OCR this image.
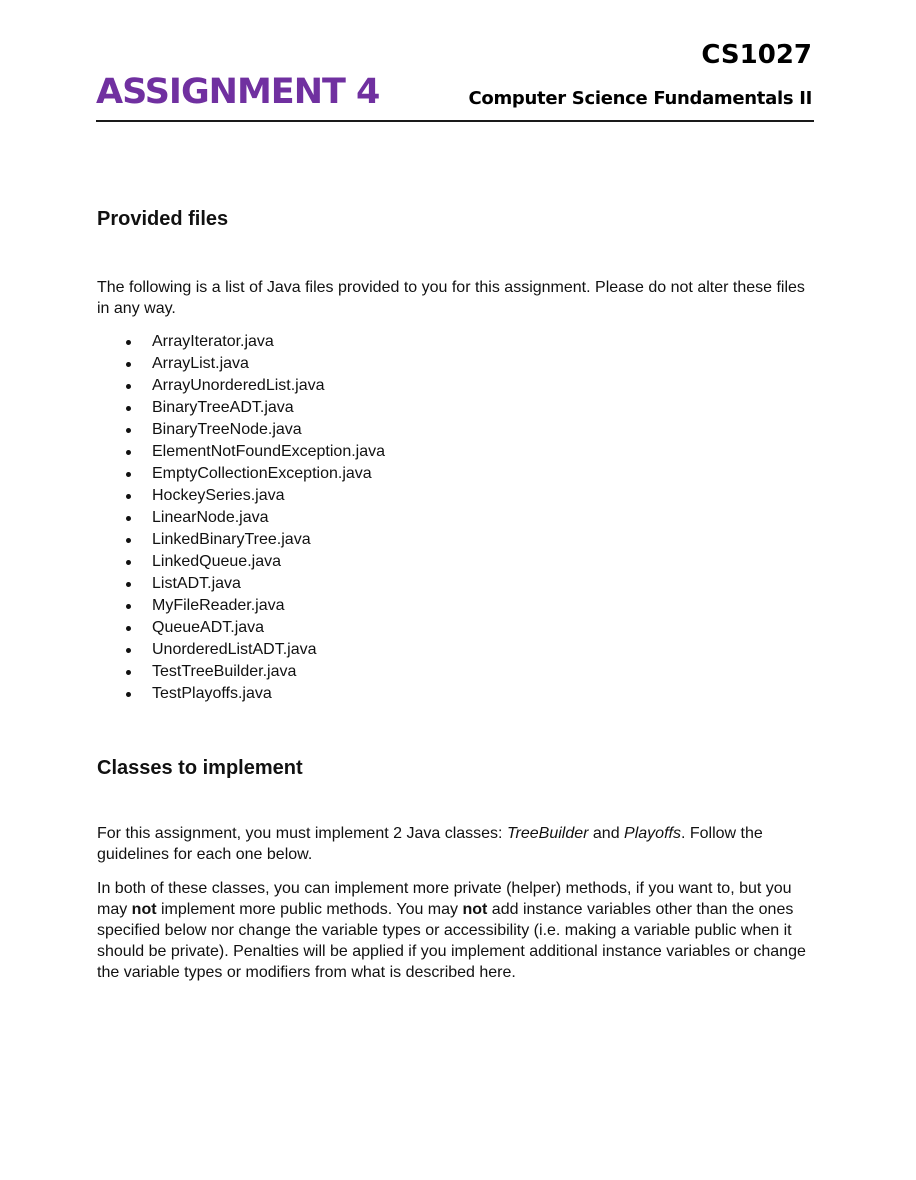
ASSIGNMENT 4
CS1027
Computer Science Fundamentals II
Provided files

The following is a list of Java files provided to you for this assignment. Please do not alter these files in any way.

ArrayIterator.java
ArrayList.java
ArrayUnorderedList.java
BinaryTreeADT.java
BinaryTreeNode.java
ElementNotFoundException.java
EmptyCollectionException.java
HockeySeries.java
LinearNode.java
LinkedBinaryTree.java
LinkedQueue.java
ListADT.java
MyFileReader.java
QueueADT.java
UnorderedListADT.java
TestTreeBuilder.java
TestPlayoffs.java
Classes to implement

For this assignment, you must implement 2 Java classes: TreeBuilder and Playoffs. Follow the guidelines for each one below.

In both of these classes, you can implement more private (helper) methods, if you want to, but you may not implement more public methods. You may not add instance variables other than the ones specified below nor change the variable types or accessibility (i.e. making a variable public when it should be private). Penalties will be applied if you implement additional instance variables or change the variable types or modifiers from what is described here.
